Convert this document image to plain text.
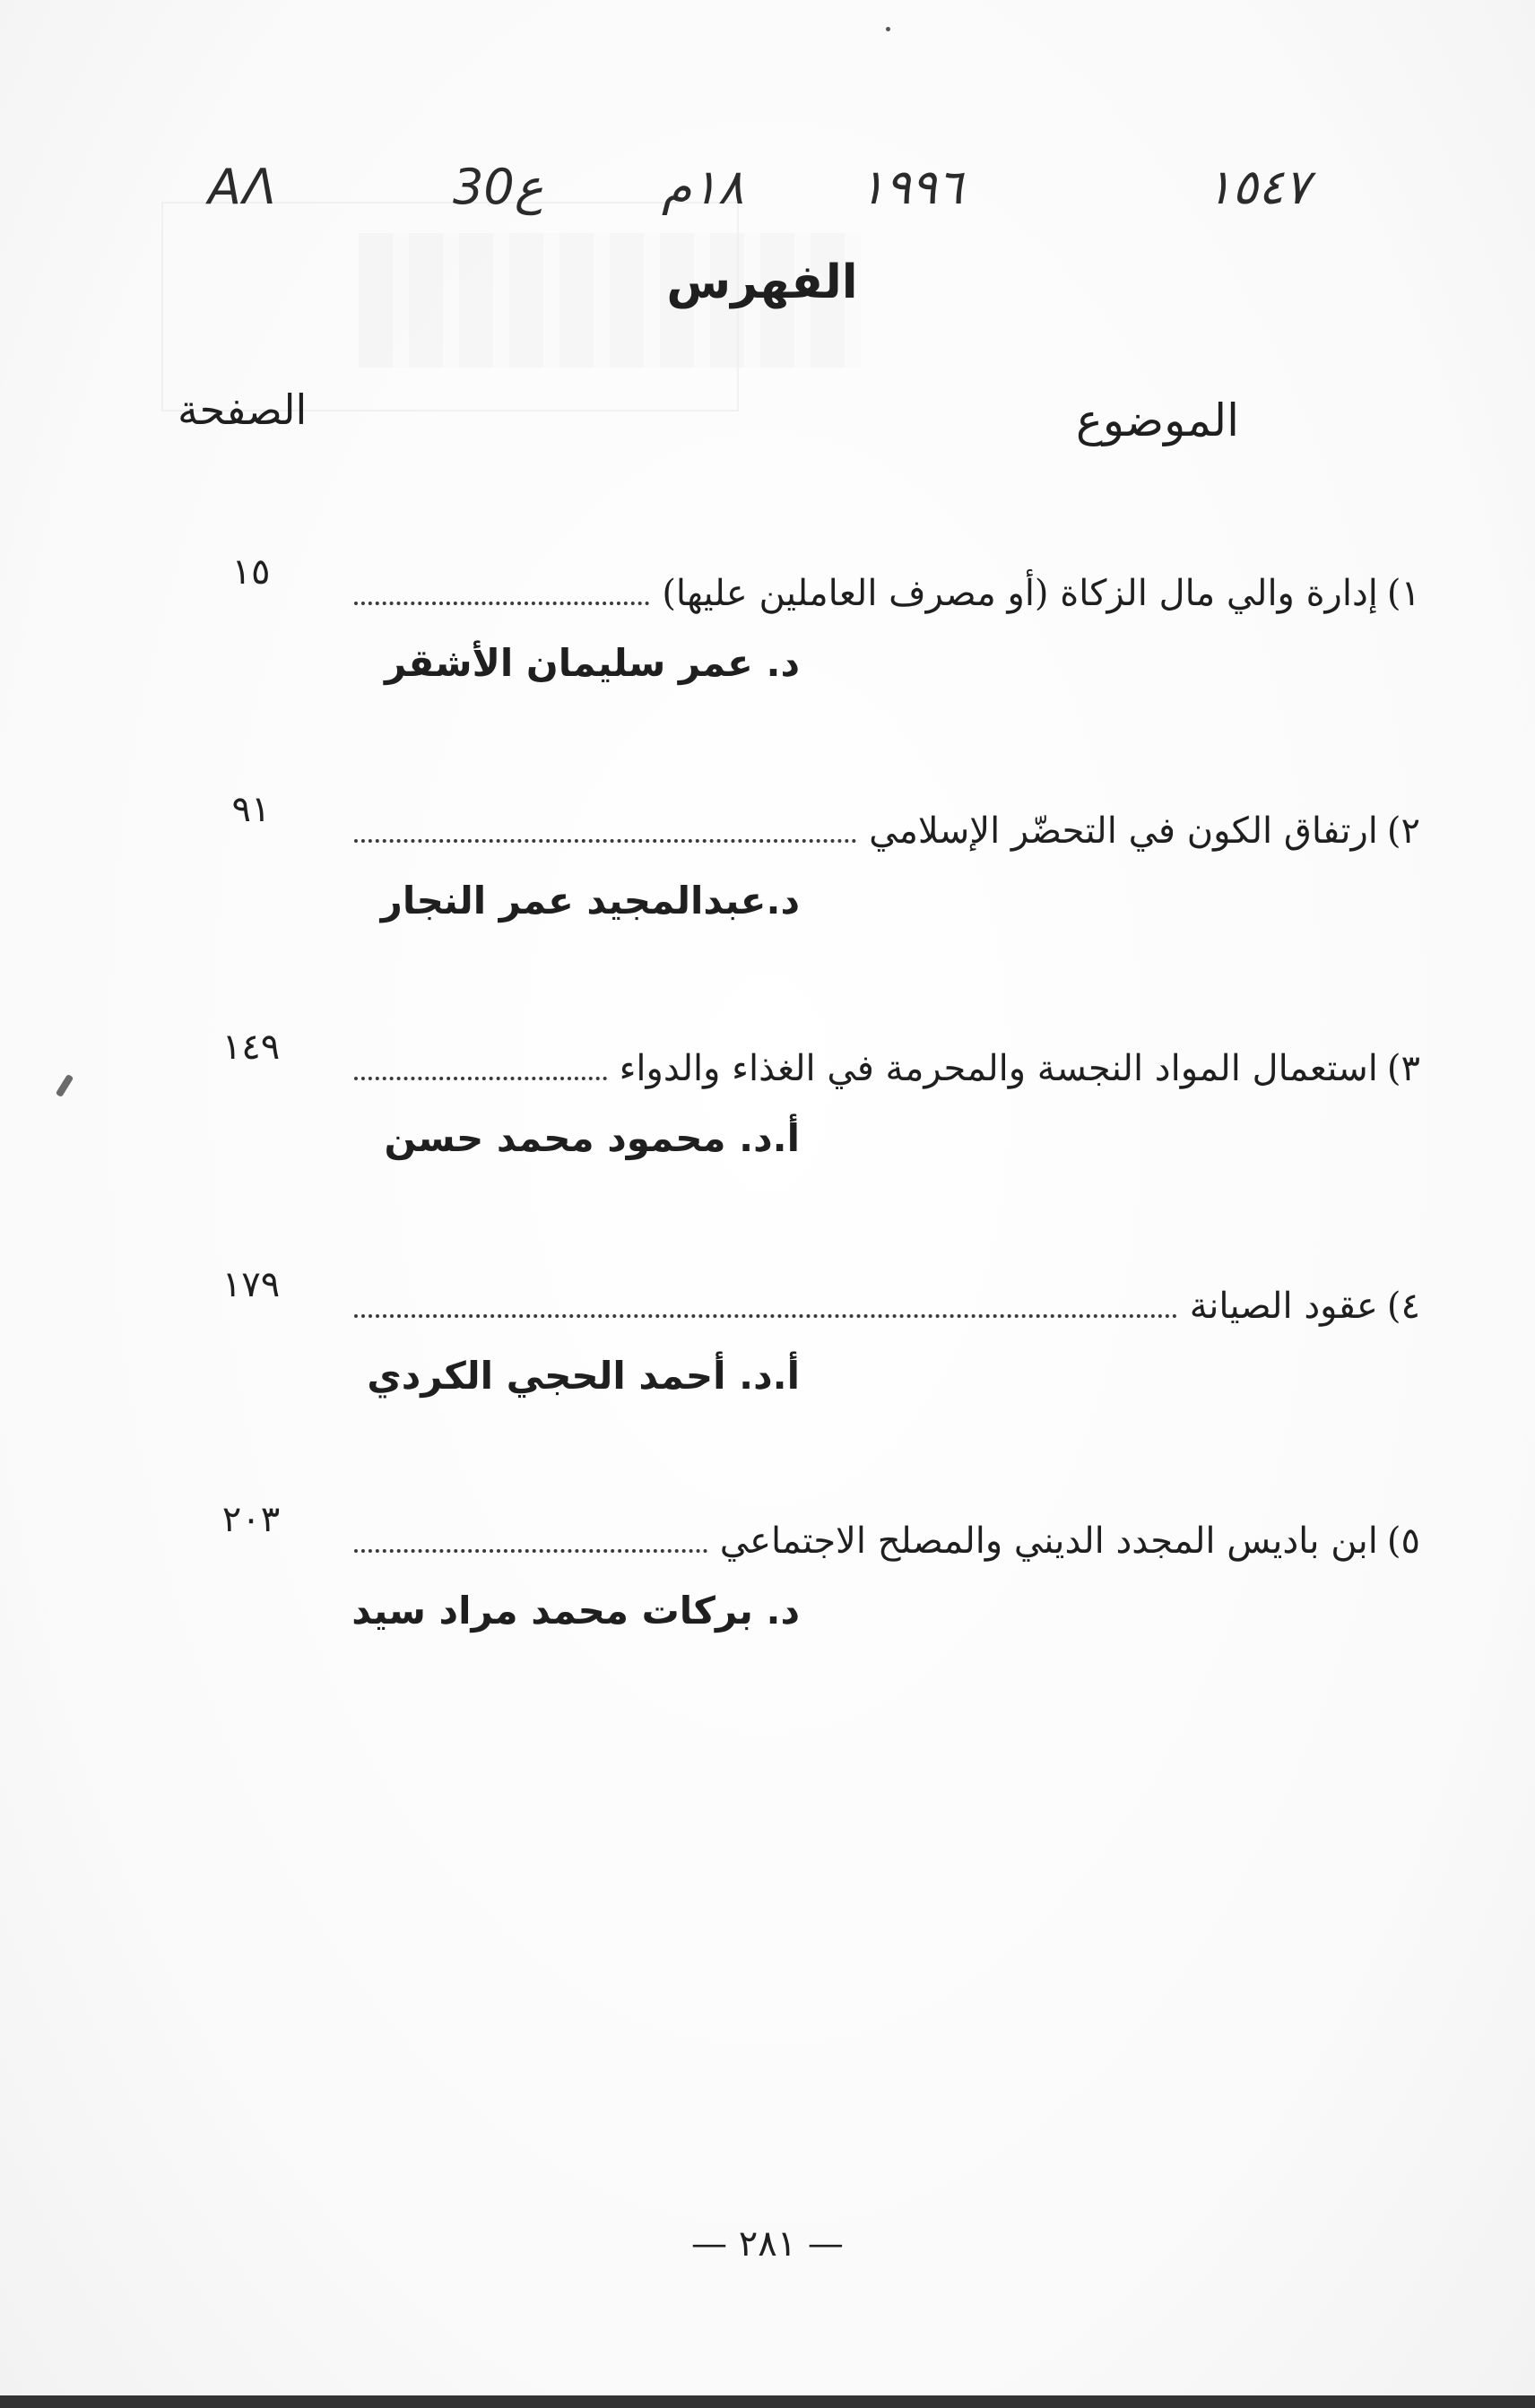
ΑΛ	30ع ١٨م ١٩٩٦	١٥٤٧
الفهرس
الموضوع
الصفحة
١)
إدارة والي مال الزكاة (أو مصرف العاملين عليها)
١٥
د. عمر سليمان الأشقر
٢)
ارتفاق الكون في التحضّر الإسلامي
٩١
د.عبدالمجيد عمر النجار
٣)
استعمال المواد النجسة والمحرمة في الغذاء والدواء
١٤٩
أ.د. محمود محمد حسن
٤)
عقود الصيانة
١٧٩
أ.د. أحمد الحجي الكردي
٥)
ابن باديس المجدد الديني والمصلح الاجتماعي
٢٠٣
د. بركات محمد مراد سيد
— ٢٨١ —
